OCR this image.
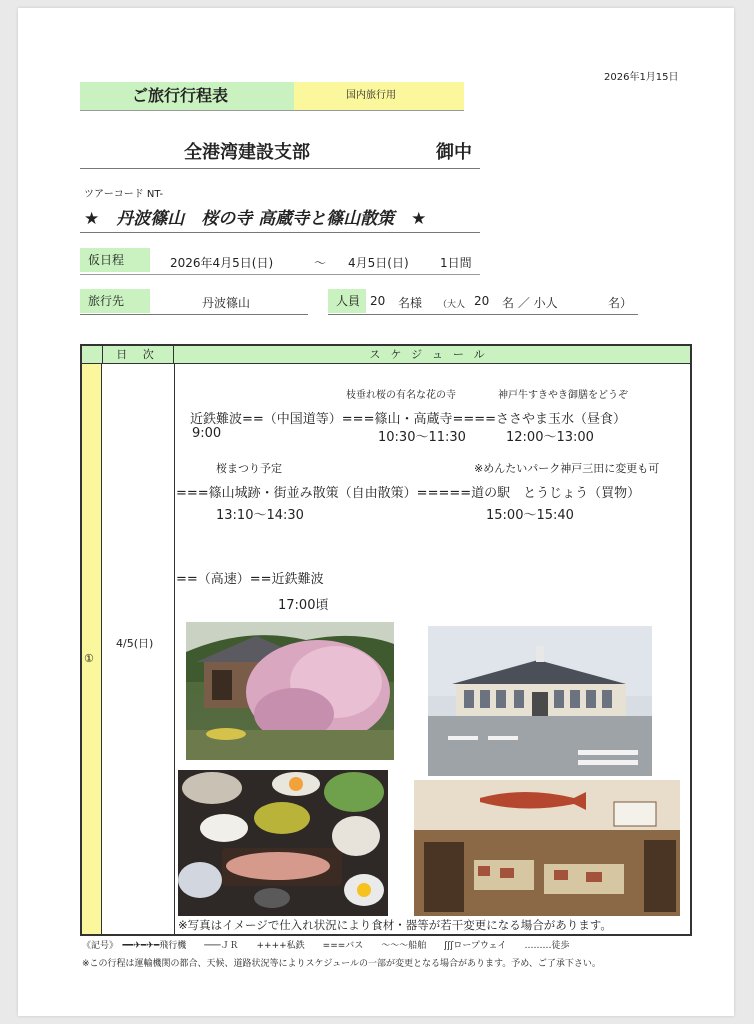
2026年1月15日
ご旅行行程表	国内旅行用
全港湾建設支部	御中
ツアーコード NT-
★　丹波篠山　桜の寺 高蔵寺と篠山散策　★
仮日程	2026年4月5日(日)	～ 4月5日(日)	1日間
旅行先	丹波篠山	人員 20 名様 （大人 20 名 ／ 小人	名）
日 次	スケジュール
①
4/5(日)
枝垂れ桜の有名な花の寺	神戸牛すきやき御膳をどうぞ
近鉄難波==（中国道等）===篠山・高蔵寺====ささやま玉水（昼食）
9:00	10:30～11:30	12:00～13:00
桜まつり予定	※めんたいパーク神戸三田に変更も可
===篠山城跡・街並み散策（自由散策）=====道の駅　とうじょう（買物）
13:10～14:30	15:00～15:40
==（高速）==近鉄難波
17:00頃
※写真はイメージで仕入れ状況により食材・器等が若干変更になる場合があります。
《記号》　━━✈━✈━飛行機　　───ＪＲ　　++++私鉄　　===バス　　〜〜〜船舶　　ʃʃʃロープウェイ　　………徒歩
※この行程は運輸機関の都合、天候、道路状況等によりスケジュールの一部が変更となる場合があります。予め、ご了承下さい。
